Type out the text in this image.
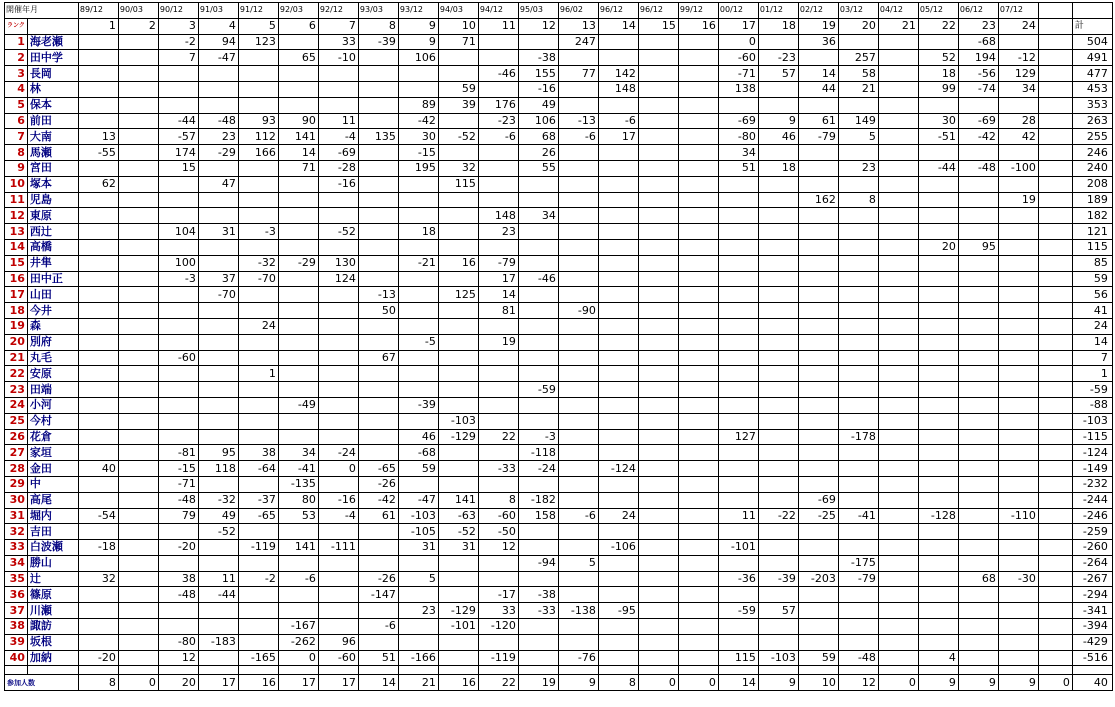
開催年月		89/12	90/03	90/12	91/03	91/12	92/03	92/12	93/03	93/12	94/03	94/12	95/03	96/02	96/12	96/12	99/12	00/12	01/12	02/12	03/12	04/12	05/12	06/12	07/12		
ランク		1	2	3	4	5	6	7	8	9	10	11	12	13	14	15	16	17	18	19	20	21	22	23	24		計
1	海老瀬			-2	94	123		33	-39	9	71			247				0		36				-68			504
2	田中学			7	-47		65	-10		106			-38					-60	-23		257		52	194	-12		491
3	長岡											-46	155	77	142			-71	57	14	58		18	-56	129		477
4	林										59		-16		148			138		44	21		99	-74	34		453
5	保本									89	39	176	49														353
6	前田			-44	-48	93	90	11		-42		-23	106	-13	-6			-69	9	61	149		30	-69	28		263
7	大南	13		-57	23	112	141	-4	135	30	-52	-6	68	-6	17			-80	46	-79	5		-51	-42	42		255
8	馬瀬	-55		174	-29	166	14	-69		-15			26					34									246
9	宮田			15			71	-28		195	32		55					51	18		23		-44	-48	-100		240
10	塚本	62			47			-16			115																208
11	児島																			162	8				19		189
12	東原											148	34														182
13	西辻			104	31	-3		-52		18		23															121
14	高橋																						20	95			115
15	井隼			100		-32	-29	130		-21	16	-79															85
16	田中正			-3	37	-70		124				17	-46														59
17	山田				-70				-13		125	14															56
18	今井								50			81		-90													41
19	森					24																					24
20	別府									-5		19															14
21	丸毛			-60					67																		7
22	安原					1																					1
23	田端												-59														-59
24	小河						-49			-39																	-88
25	今村										-103																-103
26	花倉									46	-129	22	-3					127			-178						-115
27	家垣			-81	95	38	34	-24		-68			-118														-124
28	金田	40		-15	118	-64	-41	0	-65	59		-33	-24		-124												-149
29	中			-71			-135		-26																		-232
30	高尾			-48	-32	-37	80	-16	-42	-47	141	8	-182							-69							-244
31	堀内	-54		79	49	-65	53	-4	61	-103	-63	-60	158	-6	24			11	-22	-25	-41		-128		-110		-246
32	吉田				-52					-105	-52	-50															-259
33	白波瀬	-18		-20		-119	141	-111		31	31	12			-106			-101									-260
34	勝山												-94	5							-175						-264
35	辻	32		38	11	-2	-6		-26	5								-36	-39	-203	-79			68	-30		-267
36	篠原			-48	-44				-147			-17	-38														-294
37	川瀬									23	-129	33	-33	-138	-95			-59	57								-341
38	諏訪						-167		-6		-101	-120															-394
39	坂根			-80	-183		-262	96																			-429
40	加納	-20		12		-165	0	-60	51	-166		-119		-76				115	-103	59	-48		4				-516

参加人数		8	0	20	17	16	17	17	14	21	16	22	19	9	8	0	0	14	9	10	12	0	9	9	9	0	40
